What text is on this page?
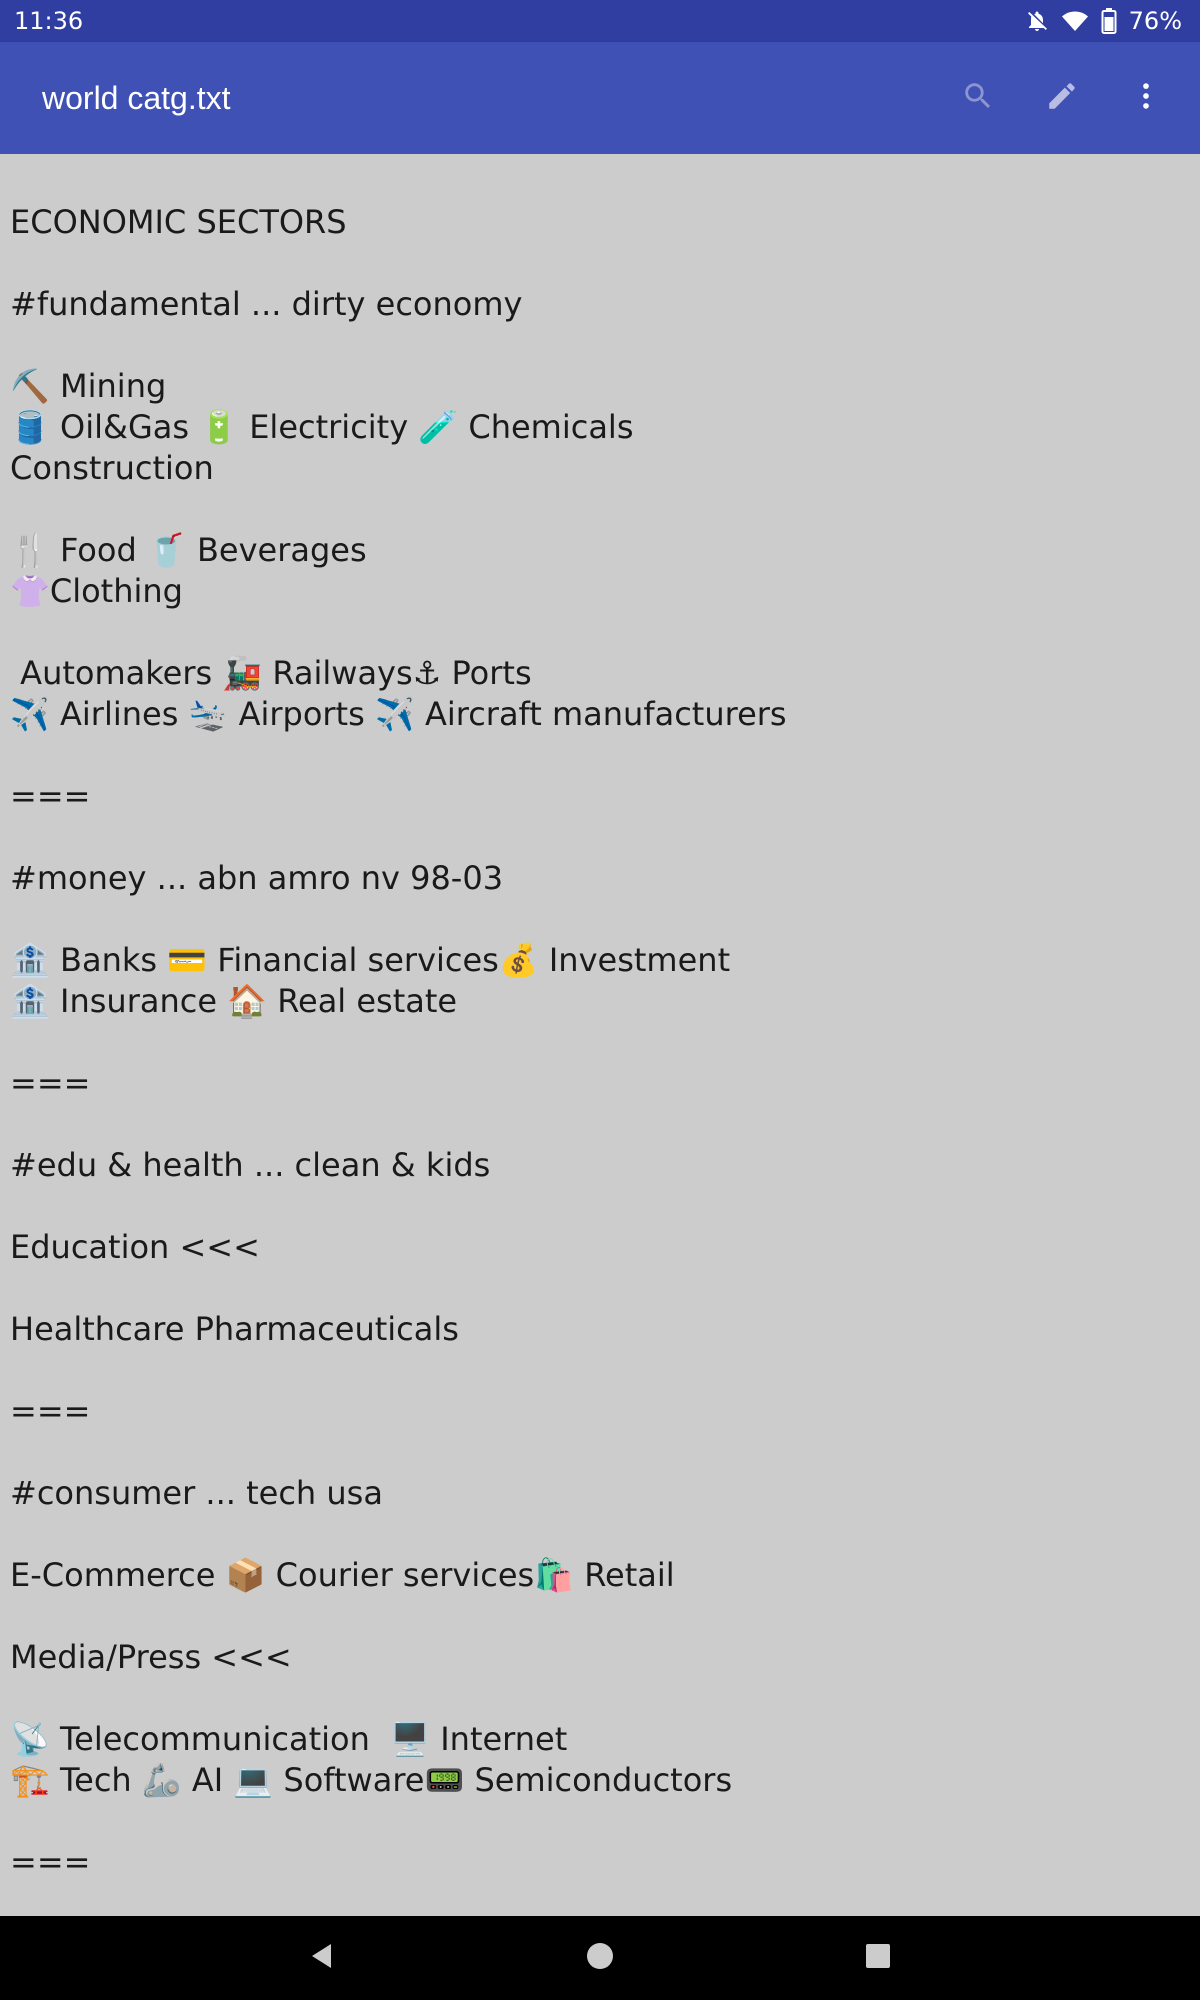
11:36	76%
world catg.txt
ECONOMIC SECTORS
#fundamental ... dirty economy
⛏️ Mining
🛢️ Oil&Gas 🔋 Electricity 🧪 Chemicals
Construction
🍴 Food 🥤 Beverages
👚Clothing
Automakers 🚂 Railways⚓ Ports
✈️ Airlines 🛬 Airports ✈️ Aircraft manufacturers
===
#money ... abn amro nv 98-03
🏦 Banks 💳 Financial services💰 Investment
🏦 Insurance 🏠 Real estate
===
#edu & health ... clean & kids
Education <<<
Healthcare Pharmaceuticals
===
#consumer ... tech usa
E-Commerce 📦 Courier services🛍️ Retail
Media/Press <<<
📡 Telecommunication  🖥️ Internet
🏗️ Tech 🦾 AI 💻 Software📟 Semiconductors
===
